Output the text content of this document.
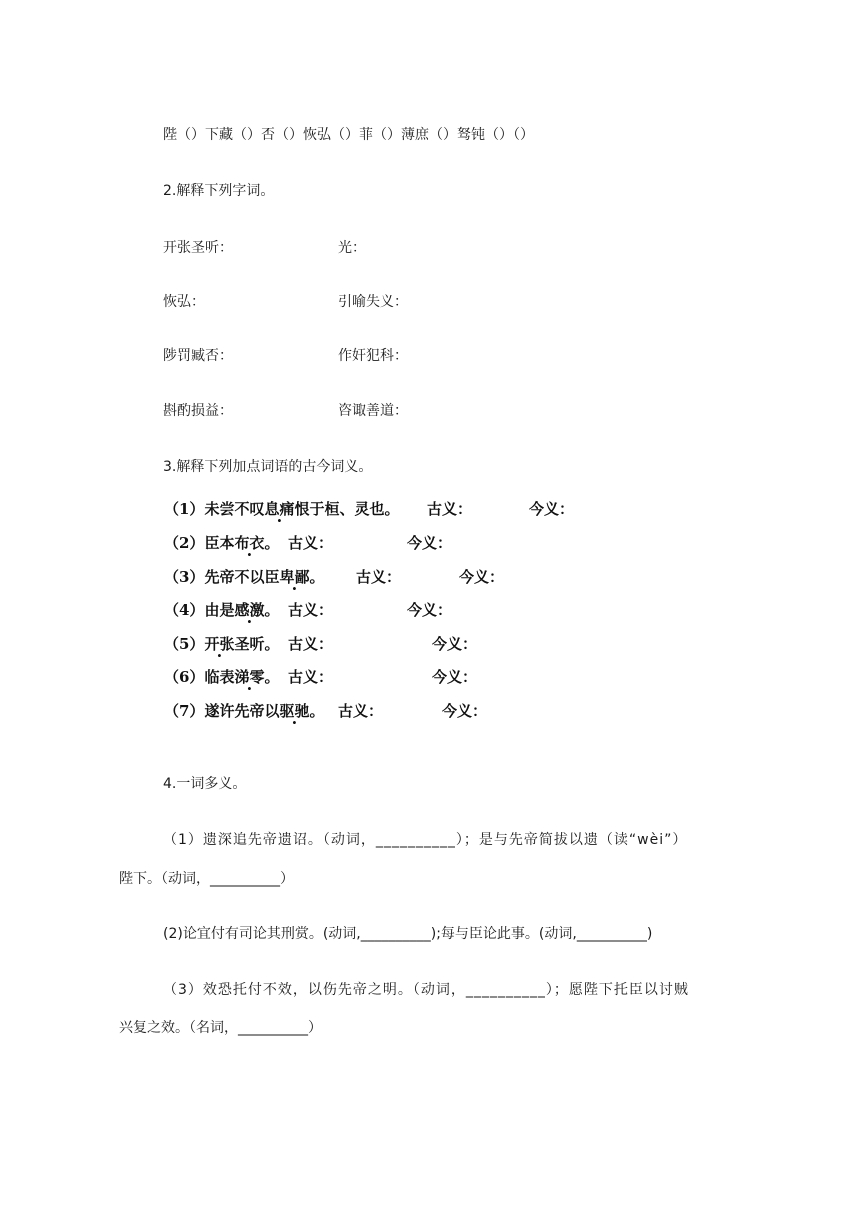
陛（）下藏（）否（）恢弘（）菲（）薄庶（）驽钝（）（）
2.解释下列字词。
开张圣听：	光：
恢弘：	引喻失义：
陟罚臧否：	作奸犯科：
斟酌损益：	咨诹善道：
3.解释下列加点词语的古今词义。
（1）未尝不叹息痛恨于桓、灵也。 古义：	今义：
（2）臣本布衣。 古义：	今义：
（3）先帝不以臣卑鄙。 古义：	今义：
（4）由是感激。 古义：	今义：
（5）开张圣听。 古义：	今义：
（6）临表涕零。 古义：	今义：
（7）遂许先帝以驱驰。 古义：	今义：
4.一词多义。
（1）遗深追先帝遗诏。（动词，__________）；是与先帝简拔以遗（读“wèi”）
陛下。（动词，__________）
(2)论宜付有司论其刑赏。(动词,__________);每与臣论此事。(动词,__________)
（3）效恐托付不效，以伤先帝之明。（动词，__________）；愿陛下托臣以讨贼
兴复之效。（名词，__________）
